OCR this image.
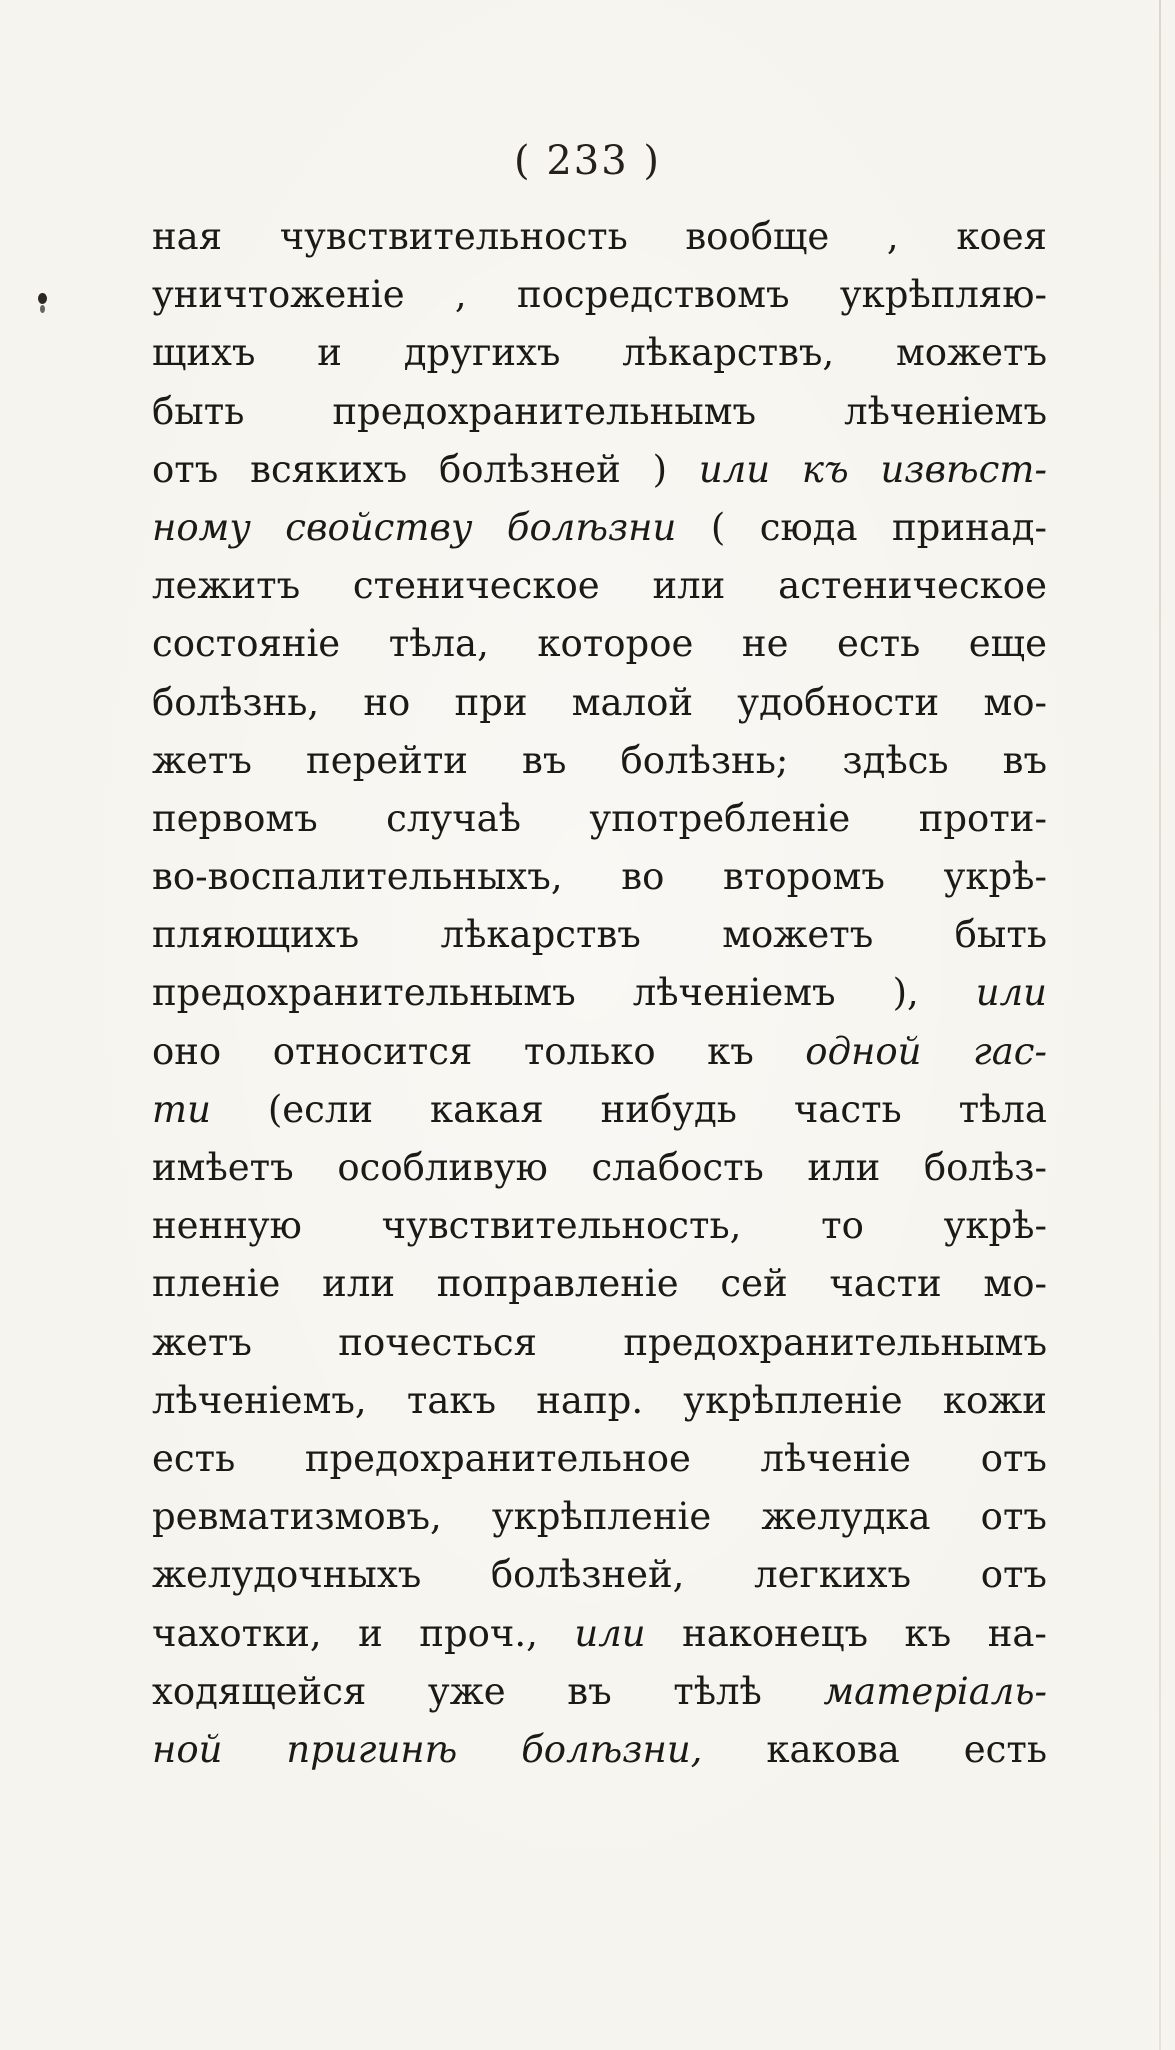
( 233 )
ная чувствительность вообще , коея
уничтоженіе , посредствомъ укрѣпляю-
щихъ и другихъ лѣкарствъ, можетъ
быть предохранительнымъ лѣченіемъ
отъ всякихъ болѣзней ) или къ извѣст-
ному свойству болѣзни ( сюда принад-
лежитъ стеническое или астеническое
состояніе тѣла, которое не есть еще
болѣзнь, но при малой удобности мо-
жетъ перейти въ болѣзнь; здѣсь въ
первомъ случаѣ употребленіе проти-
во-воспалительныхъ, во второмъ укрѣ-
пляющихъ лѣкарствъ можетъ быть
предохранительнымъ лѣченіемъ ), или
оно относится только къ одной гас-
ти (если какая нибудь часть тѣла
имѣетъ особливую слабость или болѣз-
ненную чувствительность, то укрѣ-
пленіе или поправленіе сей части мо-
жетъ почесться предохранительнымъ
лѣченіемъ, такъ напр. укрѣпленіе кожи
есть предохранительное лѣченіе отъ
ревматизмовъ, укрѣпленіе желудка отъ
желудочныхъ болѣзней, легкихъ отъ
чахотки, и проч., или наконецъ къ на-
ходящейся уже въ тѣлѣ матеріаль-
ной пригинѣ болѣзни, какова есть
